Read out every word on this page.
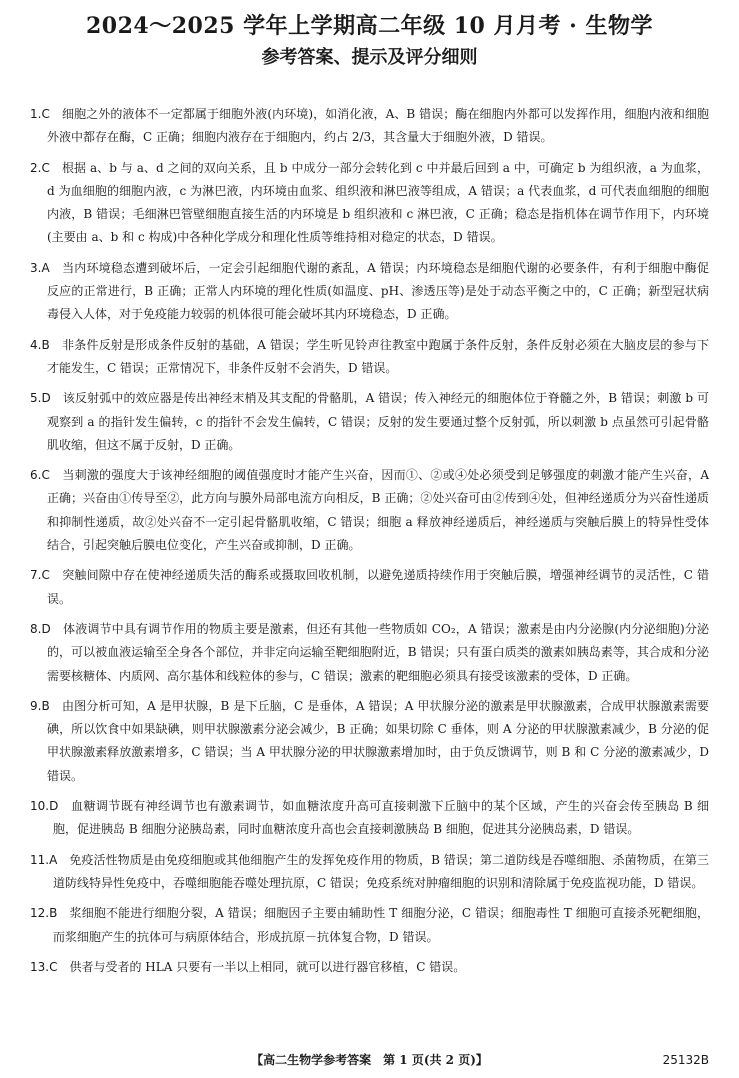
2024～2025 学年上学期高二年级 10 月月考 · 生物学
参考答案、提示及评分细则

1.C　 细胞之外的液体不一定都属于细胞外液(内环境)，如消化液，A、B 错误；酶在细胞内外都可以发挥作用，细胞内液和细胞外液中都存在酶，C 正确；细胞内液存在于细胞内，约占 2/3，其含量大于细胞外液，D 错误。

2.C　 根据 a、b 与 a、d 之间的双向关系，且 b 中成分一部分会转化到 c 中并最后回到 a 中，可确定 b 为组织液，a 为血浆，d 为血细胞的细胞内液，c 为淋巴液，内环境由血浆、组织液和淋巴液等组成，A 错误；a 代表血浆，d 可代表血细胞的细胞内液，B 错误；毛细淋巴管壁细胞直接生活的内环境是 b 组织液和 c 淋巴液，C 正确；稳态是指机体在调节作用下，内环境(主要由 a、b 和 c 构成)中各种化学成分和理化性质等维持相对稳定的状态，D 错误。

3.A　 当内环境稳态遭到破坏后，一定会引起细胞代谢的紊乱，A 错误；内环境稳态是细胞代谢的必要条件，有利于细胞中酶促反应的正常进行，B 正确；正常人内环境的理化性质(如温度、pH、渗透压等)是处于动态平衡之中的，C 正确；新型冠状病毒侵入人体，对于免疫能力较弱的机体很可能会破坏其内环境稳态，D 正确。

4.B　 非条件反射是形成条件反射的基础，A 错误；学生听见铃声往教室中跑属于条件反射，条件反射必须在大脑皮层的参与下才能发生，C 错误；正常情况下，非条件反射不会消失，D 错误。

5.D　 该反射弧中的效应器是传出神经末梢及其支配的骨骼肌，A 错误；传入神经元的细胞体位于脊髓之外，B 错误；刺激 b 可观察到 a 的指针发生偏转，c 的指针不会发生偏转，C 错误；反射的发生要通过整个反射弧，所以刺激 b 点虽然可引起骨骼肌收缩，但这不属于反射，D 正确。

6.C　 当刺激的强度大于该神经细胞的阈值强度时才能产生兴奋，因而①、②或④处必须受到足够强度的刺激才能产生兴奋，A 正确；兴奋由①传导至②，此方向与膜外局部电流方向相反，B 正确；②处兴奋可由②传到④处，但神经递质分为兴奋性递质和抑制性递质，故②处兴奋不一定引起骨骼肌收缩，C 错误；细胞 a 释放神经递质后，神经递质与突触后膜上的特异性受体结合，引起突触后膜电位变化，产生兴奋或抑制，D 正确。

7.C　 突触间隙中存在使神经递质失活的酶系或摄取回收机制，以避免递质持续作用于突触后膜，增强神经调节的灵活性，C 错误。

8.D　 体液调节中具有调节作用的物质主要是激素，但还有其他一些物质如 CO₂，A 错误；激素是由内分泌腺(内分泌细胞)分泌的，可以被血液运输至全身各个部位，并非定向运输至靶细胞附近，B 错误；只有蛋白质类的激素如胰岛素等，其合成和分泌需要核糖体、内质网、高尔基体和线粒体的参与，C 错误；激素的靶细胞必须具有接受该激素的受体，D 正确。

9.B　 由图分析可知，A 是甲状腺，B 是下丘脑，C 是垂体，A 错误；A 甲状腺分泌的激素是甲状腺激素，合成甲状腺激素需要碘，所以饮食中如果缺碘，则甲状腺激素分泌会减少，B 正确；如果切除 C 垂体，则 A 分泌的甲状腺激素减少，B 分泌的促甲状腺激素释放激素增多，C 错误；当 A 甲状腺分泌的甲状腺激素增加时，由于负反馈调节，则 B 和 C 分泌的激素减少，D 错误。

10.D　 血糖调节既有神经调节也有激素调节，如血糖浓度升高可直接刺激下丘脑中的某个区域，产生的兴奋会传至胰岛 B 细胞，促进胰岛 B 细胞分泌胰岛素，同时血糖浓度升高也会直接刺激胰岛 B 细胞，促进其分泌胰岛素，D 错误。

11.A　 免疫活性物质是由免疫细胞或其他细胞产生的发挥免疫作用的物质，B 错误；第二道防线是吞噬细胞、杀菌物质，在第三道防线特异性免疫中，吞噬细胞能吞噬处理抗原，C 错误；免疫系统对肿瘤细胞的识别和清除属于免疫监视功能，D 错误。

12.B　 浆细胞不能进行细胞分裂，A 错误；细胞因子主要由辅助性 T 细胞分泌，C 错误；细胞毒性 T 细胞可直接杀死靶细胞，而浆细胞产生的抗体可与病原体结合，形成抗原－抗体复合物，D 错误。

13.C　 供者与受者的 HLA 只要有一半以上相同，就可以进行器官移植，C 错误。

【高二生物学参考答案　第 1 页(共 2 页)】	25132B
